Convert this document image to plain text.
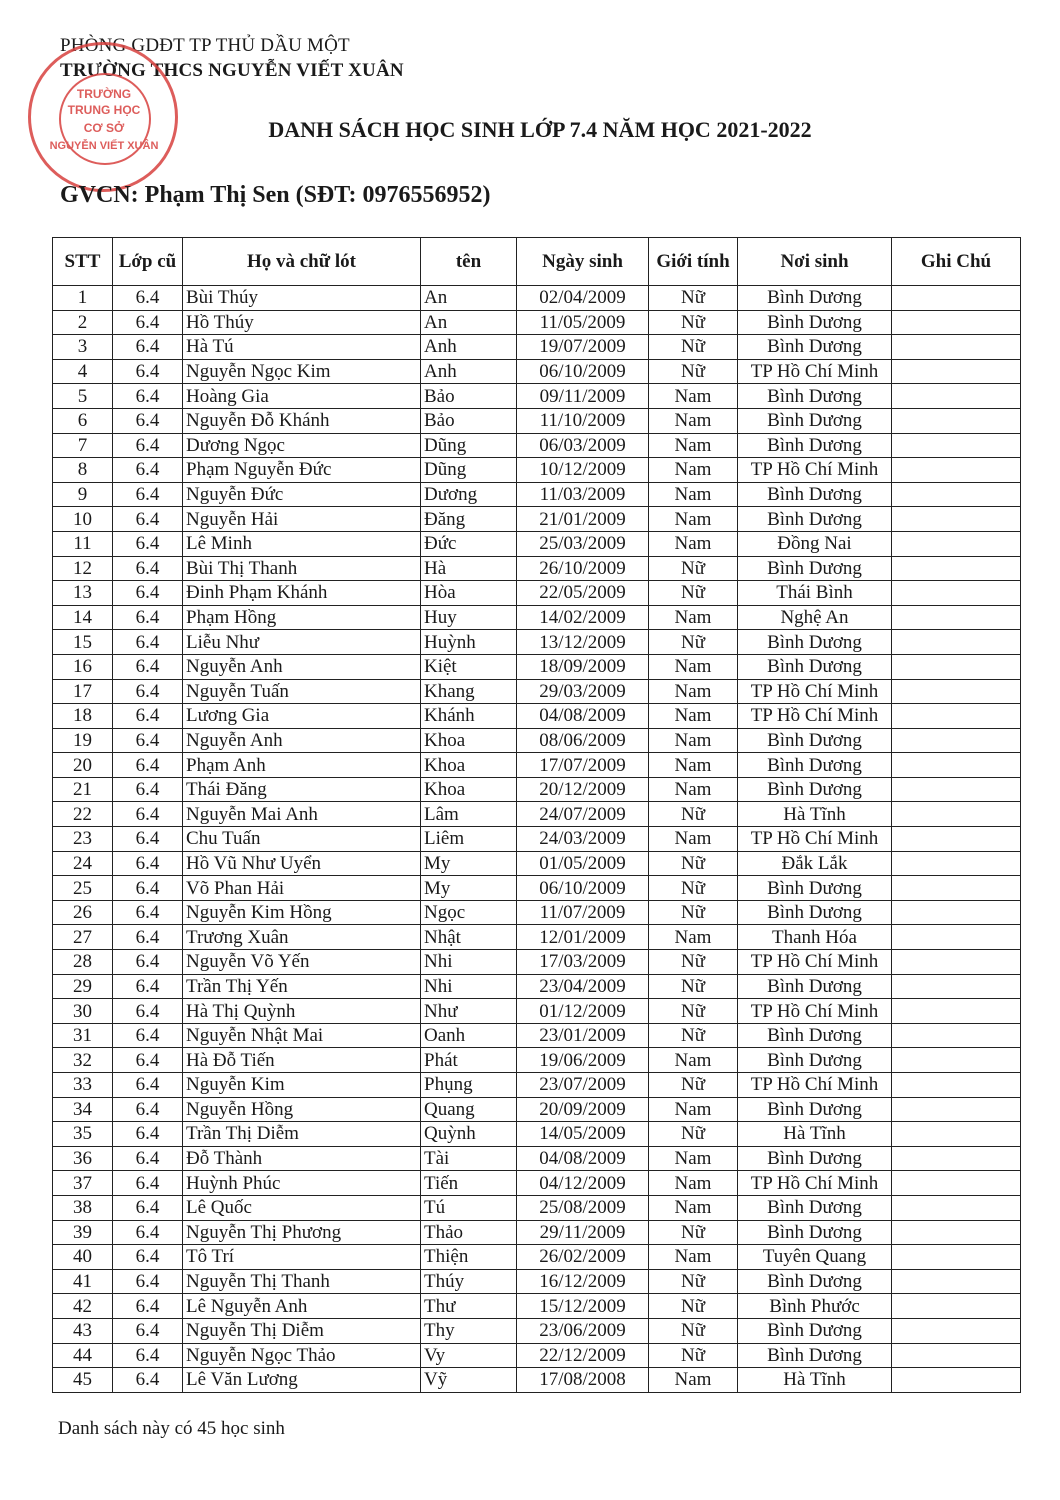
PHÒNG GDĐT TP THỦ DẦU MỘT
TRƯỜNG THCS NGUYỄN VIẾT XUÂN
TRƯỜNG
TRUNG HỌC
CƠ SỞ
NGUYỄN VIẾT XUÂN
DANH SÁCH HỌC SINH LỚP 7.4 NĂM HỌC 2021-2022
GVCN: Phạm Thị Sen (SĐT: 0976556952)
STT	Lớp cũ	Họ và chữ lót	tên	Ngày sinh	Giới tính	Nơi sinh	Ghi Chú
1	6.4	Bùi Thúy	An	02/04/2009	Nữ	Bình Dương	
2	6.4	Hồ Thúy	An	11/05/2009	Nữ	Bình Dương	
3	6.4	Hà Tú	Anh	19/07/2009	Nữ	Bình Dương	
4	6.4	Nguyễn Ngọc Kim	Anh	06/10/2009	Nữ	TP Hồ Chí Minh	
5	6.4	Hoàng Gia	Bảo	09/11/2009	Nam	Bình Dương	
6	6.4	Nguyễn Đỗ Khánh	Bảo	11/10/2009	Nam	Bình Dương	
7	6.4	Dương Ngọc	Dũng	06/03/2009	Nam	Bình Dương	
8	6.4	Phạm Nguyễn Đức	Dũng	10/12/2009	Nam	TP Hồ Chí Minh	
9	6.4	Nguyễn Đức	Dương	11/03/2009	Nam	Bình Dương	
10	6.4	Nguyễn Hải	Đăng	21/01/2009	Nam	Bình Dương	
11	6.4	Lê Minh	Đức	25/03/2009	Nam	Đồng Nai	
12	6.4	Bùi Thị Thanh	Hà	26/10/2009	Nữ	Bình Dương	
13	6.4	Đinh Phạm Khánh	Hòa	22/05/2009	Nữ	Thái Bình	
14	6.4	Phạm Hồng	Huy	14/02/2009	Nam	Nghệ An	
15	6.4	Liễu Như	Huỳnh	13/12/2009	Nữ	Bình Dương	
16	6.4	Nguyễn Anh	Kiệt	18/09/2009	Nam	Bình Dương	
17	6.4	Nguyễn Tuấn	Khang	29/03/2009	Nam	TP Hồ Chí Minh	
18	6.4	Lương Gia	Khánh	04/08/2009	Nam	TP Hồ Chí Minh	
19	6.4	Nguyễn Anh	Khoa	08/06/2009	Nam	Bình Dương	
20	6.4	Phạm Anh	Khoa	17/07/2009	Nam	Bình Dương	
21	6.4	Thái Đăng	Khoa	20/12/2009	Nam	Bình Dương	
22	6.4	Nguyễn Mai Anh	Lâm	24/07/2009	Nữ	Hà Tĩnh	
23	6.4	Chu Tuấn	Liêm	24/03/2009	Nam	TP Hồ Chí Minh	
24	6.4	Hồ Vũ Như Uyển	My	01/05/2009	Nữ	Đắk Lắk	
25	6.4	Võ Phan Hải	My	06/10/2009	Nữ	Bình Dương	
26	6.4	Nguyễn Kim Hồng	Ngọc	11/07/2009	Nữ	Bình Dương	
27	6.4	Trương Xuân	Nhật	12/01/2009	Nam	Thanh Hóa	
28	6.4	Nguyễn Võ Yến	Nhi	17/03/2009	Nữ	TP Hồ Chí Minh	
29	6.4	Trần Thị Yến	Nhi	23/04/2009	Nữ	Bình Dương	
30	6.4	Hà Thị Quỳnh	Như	01/12/2009	Nữ	TP Hồ Chí Minh	
31	6.4	Nguyễn Nhật Mai	Oanh	23/01/2009	Nữ	Bình Dương	
32	6.4	Hà Đỗ Tiến	Phát	19/06/2009	Nam	Bình Dương	
33	6.4	Nguyễn Kim	Phụng	23/07/2009	Nữ	TP Hồ Chí Minh	
34	6.4	Nguyễn Hồng	Quang	20/09/2009	Nam	Bình Dương	
35	6.4	Trần Thị Diễm	Quỳnh	14/05/2009	Nữ	Hà Tĩnh	
36	6.4	Đỗ Thành	Tài	04/08/2009	Nam	Bình Dương	
37	6.4	Huỳnh Phúc	Tiến	04/12/2009	Nam	TP Hồ Chí Minh	
38	6.4	Lê Quốc	Tú	25/08/2009	Nam	Bình Dương	
39	6.4	Nguyễn Thị Phương	Thảo	29/11/2009	Nữ	Bình Dương	
40	6.4	Tô Trí	Thiện	26/02/2009	Nam	Tuyên Quang	
41	6.4	Nguyễn Thị Thanh	Thúy	16/12/2009	Nữ	Bình Dương	
42	6.4	Lê Nguyễn Anh	Thư	15/12/2009	Nữ	Bình Phước	
43	6.4	Nguyễn Thị Diễm	Thy	23/06/2009	Nữ	Bình Dương	
44	6.4	Nguyễn Ngọc Thảo	Vy	22/12/2009	Nữ	Bình Dương	
45	6.4	Lê Văn Lương	Vỹ	17/08/2008	Nam	Hà Tĩnh	
Danh sách này có 45 học sinh
